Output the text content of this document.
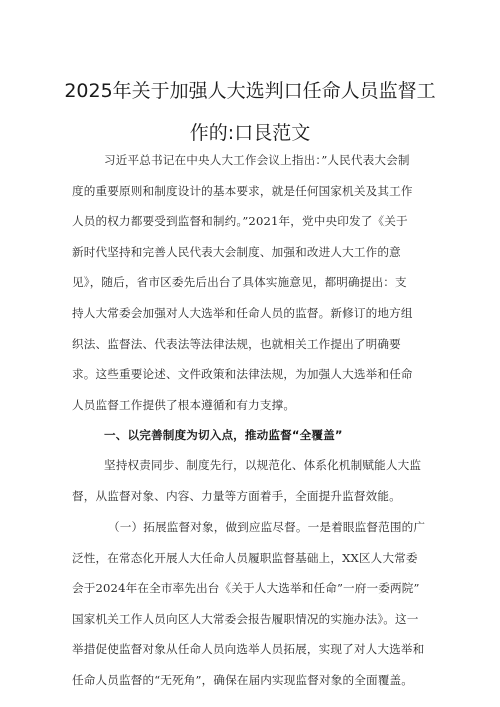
2025年关于加强人大选判口任命人员监督工
作的:口艮范文
习近平总书记在中央人大工作会议上指出：”人民代表大会制
度的重要原则和制度设计的基本要求，就是任何国家机关及其工作
人员的权力都要受到监督和制约。”2021年，党中央印发了《关于
新时代坚持和完善人民代表大会制度、加强和改进人大工作的意
见》，随后，省市区委先后出台了具体实施意见，都明确提出：支
持人大常委会加强对人大选举和任命人员的监督。新修订的地方组
织法、监督法、代表法等法律法规，也就相关工作提出了明确要
求。这些重要论述、文件政策和法律法规，为加强人大选举和任命
人员监督工作提供了根本遵循和有力支撑。
一、以完善制度为切入点，推动监督“全覆盖”
坚持权责同步、制度先行，以规范化、体系化机制赋能人大监
督，从监督对象、内容、力量等方面着手，全面提升监督效能。
（一）拓展监督对象，做到应监尽督。一是着眼监督范围的广
泛性，在常态化开展人大任命人员履职监督基础上，XX区人大常委
会于2024年在全市率先出台《关于人大选举和任命”一府一委两院”
国家机关工作人员向区人大常委会报告履职情况的实施办法》。这一
举措促使监督对象从任命人员向选举人员拓展，实现了对人大选举和
任命人员监督的“无死角”，确保在届内实现监督对象的全面覆盖。
